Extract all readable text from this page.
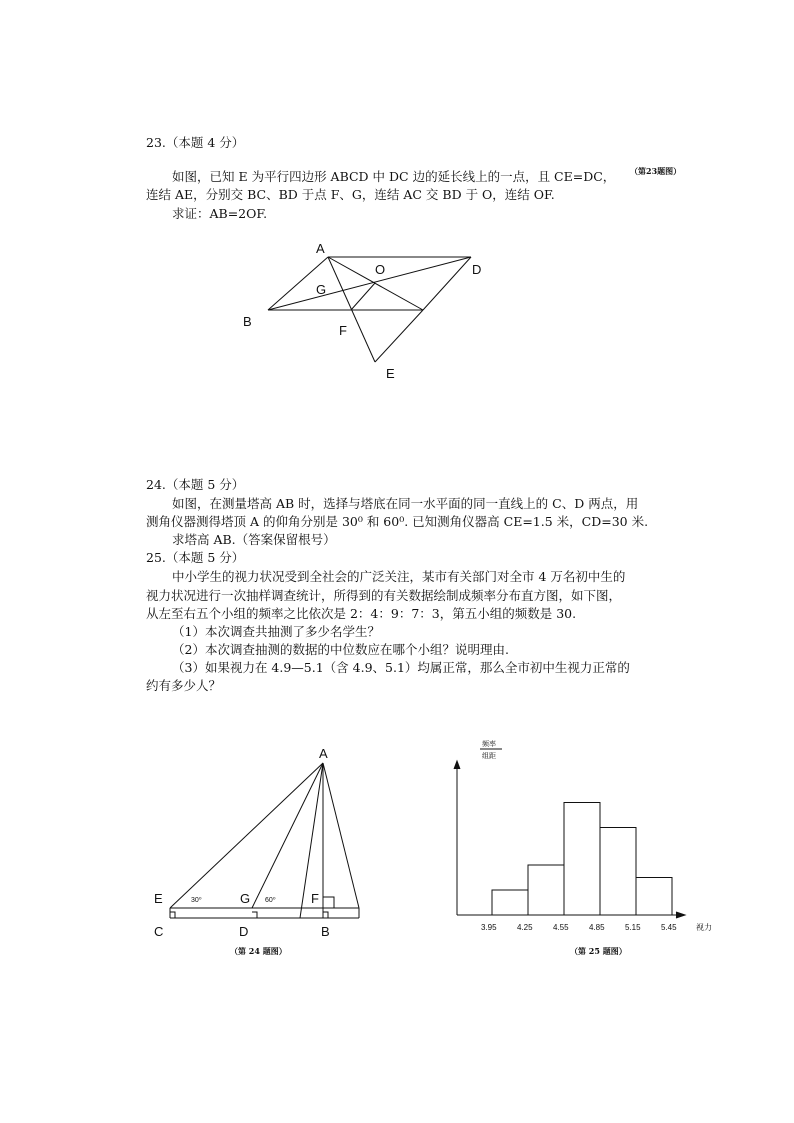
23.（本题 4 分）
（第23题图）
如图，已知 E 为平行四边形 ABCD 中 DC 边的延长线上的一点，且 CE=DC，
连结 AE，分别交 BC、BD 于点 F、G，连结 AC 交 BD 于 O，连结 OF.
求证：AB=2OF.
A
O	D
G
B
F
E
24.（本题 5 分）
如图，在测量塔高 AB 时，选择与塔底在同一水平面的同一直线上的 C、D 两点，用
测角仪器测得塔顶 A 的仰角分别是 30⁰ 和 60⁰. 已知测角仪器高 CE=1.5 米，CD=30 米.
求塔高 AB.（答案保留根号）
25.（本题 5 分）
中小学生的视力状况受到全社会的广泛关注，某市有关部门对全市 4 万名初中生的
视力状况进行一次抽样调查统计，所得到的有关数据绘制成频率分布直方图，如下图，
从左至右五个小组的频率之比依次是 2：4：9：7：3，第五小组的频数是 30.
（1）本次调查共抽测了多少名学生？
（2）本次调查抽测的数据的中位数应在哪个小组？说明理由.
（3）如果视力在 4.9—5.1（含 4.9、5.1）均属正常，那么全市初中生视力正常的
约有多少人？
A
E	G	F
30⁰	60⁰
C	D	B
（第 24 题图）
3.95	4.25	4.55	4.85	5.15	5.45
频率
组距
视力
（第 25 题图）
